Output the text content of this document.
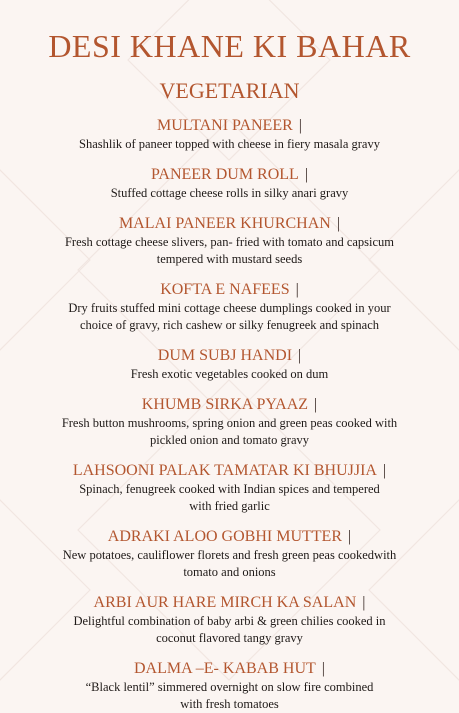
DESI KHANE KI BAHAR
VEGETARIAN
MULTANI PANEER |
Shashlik of paneer topped with cheese in fiery masala gravy
PANEER DUM ROLL |
Stuffed cottage cheese rolls in silky anari gravy
MALAI PANEER KHURCHAN |
Fresh cottage cheese slivers, pan- fried with tomato and capsicum
tempered with mustard seeds
KOFTA E NAFEES |
Dry fruits stuffed mini cottage cheese dumplings cooked in your
choice of gravy, rich cashew or silky fenugreek and spinach
DUM SUBJ HANDI |
Fresh exotic vegetables cooked on dum
KHUMB SIRKA PYAAZ |
Fresh button mushrooms, spring onion and green peas cooked with
pickled onion and tomato gravy
LAHSOONI PALAK TAMATAR KI BHUJJIA |
Spinach, fenugreek cooked with Indian spices and tempered
with fried garlic
ADRAKI ALOO GOBHI MUTTER |
New potatoes, cauliflower florets and fresh green peas cookedwith
tomato and onions
ARBI AUR HARE MIRCH KA SALAN |
Delightful combination of baby arbi & green chilies cooked in
coconut flavored tangy gravy
DALMA –E- KABAB HUT |
“Black lentil” simmered overnight on slow fire combined
with fresh tomatoes
